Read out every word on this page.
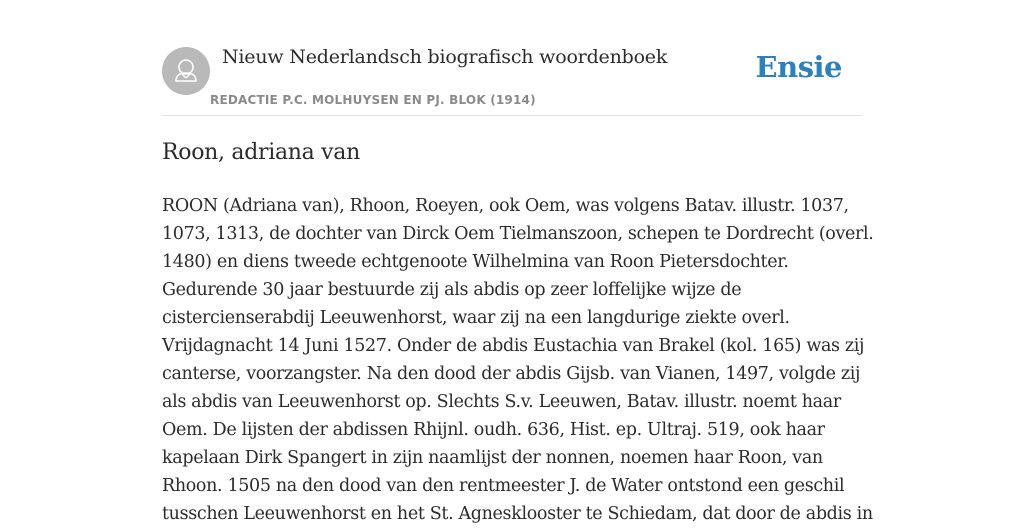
Nieuw Nederlandsch biografisch woordenboek
REDACTIE P.C. MOLHUYSEN EN PJ. BLOK (1914)
Ensie
Roon, adriana van
ROON (Adriana van), Rhoon, Roeyen, ook Oem, was volgens Batav. illustr. 1037,
1073, 1313, de dochter van Dirck Oem Tielmanszoon, schepen te Dordrecht (overl.
1480) en diens tweede echtgenoote Wilhelmina van Roon Pietersdochter.
Gedurende 30 jaar bestuurde zij als abdis op zeer loffelijke wijze de
cistercienserabdij Leeuwenhorst, waar zij na een langdurige ziekte overl.
Vrijdagnacht 14 Juni 1527. Onder de abdis Eustachia van Brakel (kol. 165) was zij
canterse, voorzangster. Na den dood der abdis Gijsb. van Vianen, 1497, volgde zij
als abdis van Leeuwenhorst op. Slechts S.v. Leeuwen, Batav. illustr. noemt haar
Oem. De lijsten der abdissen Rhijnl. oudh. 636, Hist. ep. Ultraj. 519, ook haar
kapelaan Dirk Spangert in zijn naamlijst der nonnen, noemen haar Roon, van
Rhoon. 1505 na den dood van den rentmeester J. de Water ontstond een geschil
tusschen Leeuwenhorst en het St. Agnesklooster te Schiedam, dat door de abdis in
